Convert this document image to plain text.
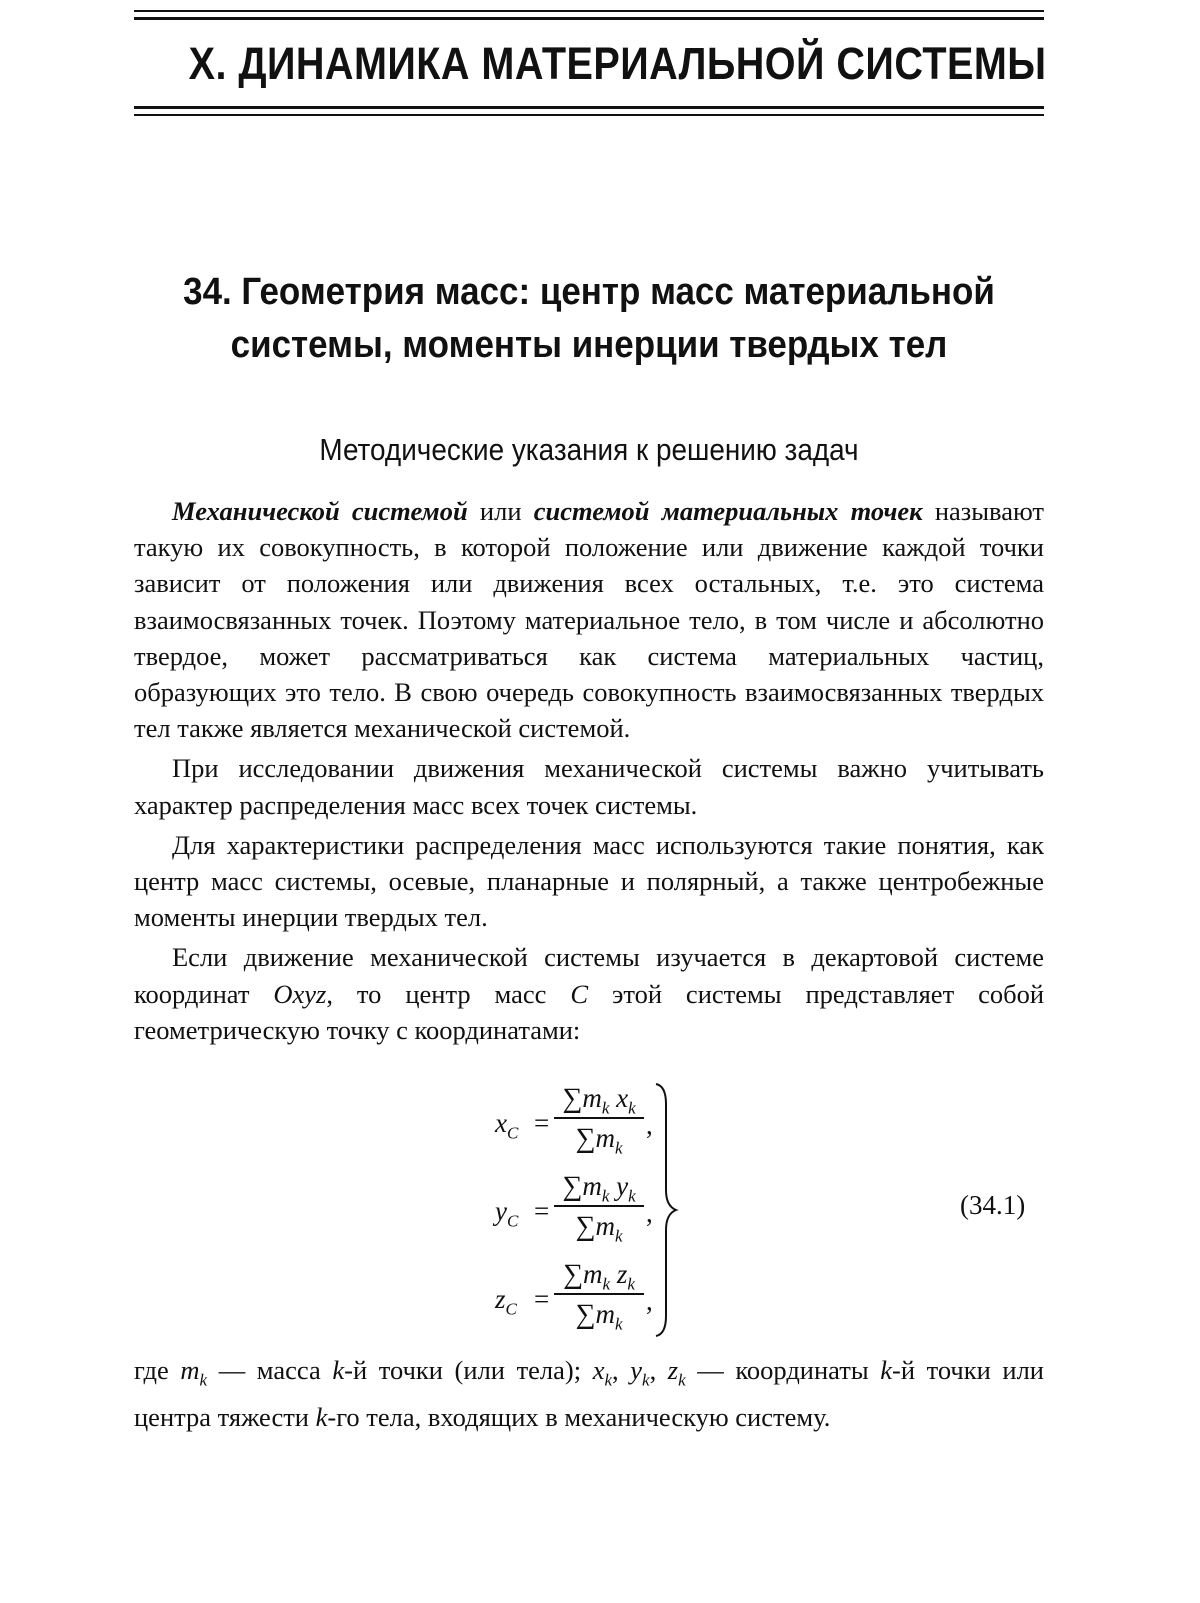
X. ДИНАМИКА МАТЕРИАЛЬНОЙ СИСТЕМЫ
34. Геометрия масс: центр масс материальной
системы, моменты инерции твердых тел
Методические указания к решению задач

Механической системой или системой материальных точек называют такую их совокупность, в которой положение или движение каждой точки зависит от положения или движения всех остальных, т.е. это система взаимосвязанных точек. Поэтому материальное тело, в том числе и абсолютно твердое, может рассматриваться как система материальных частиц, образующих это тело. В свою очередь совокупность взаимосвязанных твердых тел также является механической системой.

При исследовании движения механической системы важно учитывать характер распределения масс всех точек системы.

Для характеристики распределения масс используются такие понятия, как центр масс системы, осевые, планарные и полярный, а также центробежные моменты инерции твердых тел.

Если движение механической системы изучается в декартовой системе координат Oxyz, то центр масс C этой системы представляет собой геометрическую точку с координатами:

$x_C$ =
$\sum m_k$ $x_k$
$\sum m_k$
,
$y_C$ =
$\sum m_k$ $y_k$
$\sum m_k$
,
$z_C$ =
$\sum m_k$ $z_k$
$\sum m_k$
,
(34.1)

где $m_k$ — масса k-й точки (или тела); $x_k$, $y_k$, $z_k$ — координаты k-й точки или центра тяжести k-го тела, входящих в механическую систему.
